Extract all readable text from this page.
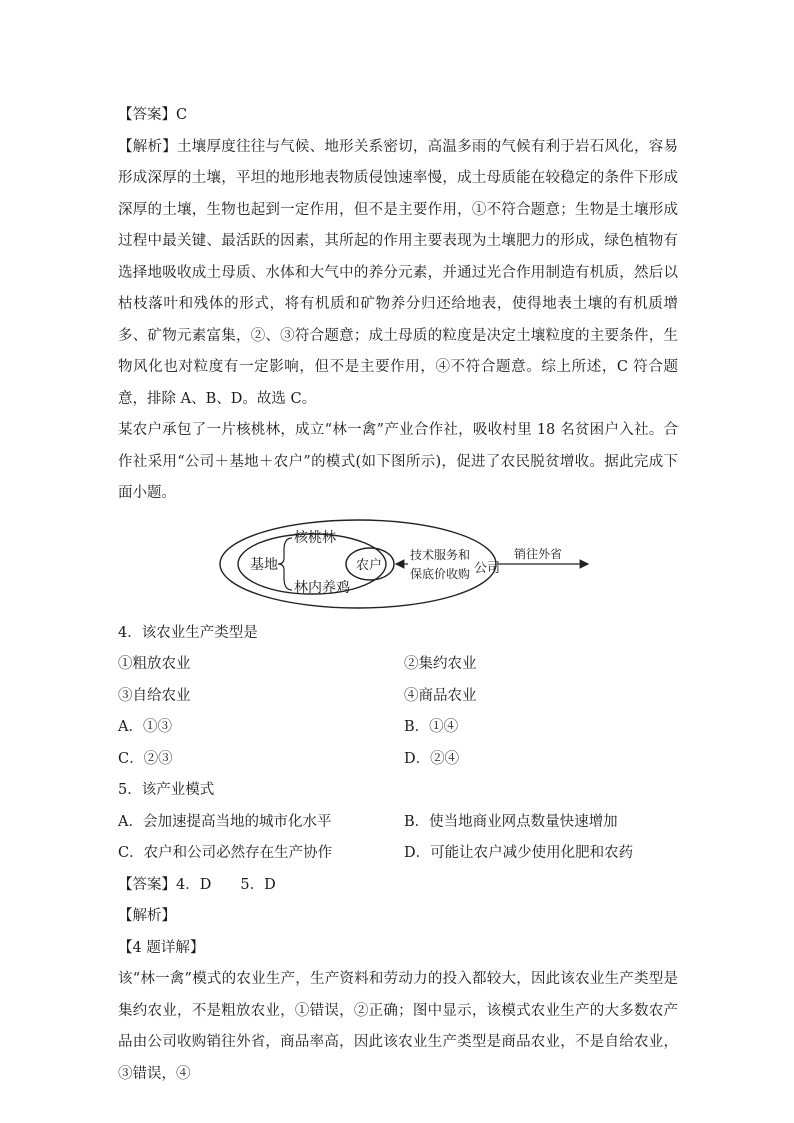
【答案】C

【解析】土壤厚度往往与气候、地形关系密切，高温多雨的气候有利于岩石风化，容易形成深厚的土壤，平坦的地形地表物质侵蚀速率慢，成土母质能在较稳定的条件下形成深厚的土壤，生物也起到一定作用，但不是主要作用，①不符合题意；生物是土壤形成过程中最关键、最活跃的因素，其所起的作用主要表现为土壤肥力的形成，绿色植物有选择地吸收成土母质、水体和大气中的养分元素，并通过光合作用制造有机质，然后以枯枝落叶和残体的形式，将有机质和矿物养分归还给地表，使得地表土壤的有机质增多、矿物元素富集，②、③符合题意；成土母质的粒度是决定土壤粒度的主要条件，生物风化也对粒度有一定影响，但不是主要作用，④不符合题意。综上所述，C 符合题意，排除 A、B、D。故选 C。

某农户承包了一片核桃林，成立“林一禽”产业合作社，吸收村里 18 名贫困户入社。合作社采用“公司＋基地＋农户”的模式(如下图所示)，促进了农民脱贫增收。据此完成下面小题。

基地
核桃林
林内养鸡
农户
技术服务和
保底价收购 公司
销往外省

4．该农业生产类型是

①粗放农业	②集约农业
③自给农业	④商品农业
A．①③	B．①④
C．②③	D．②④

5．该产业模式

A．会加速提高当地的城市化水平	B．使当地商业网点数量快速增加
C．农户和公司必然存在生产协作	D．可能让农户减少使用化肥和农药

【答案】4．D　　5．D

【解析】

【4 题详解】

该“林一禽”模式的农业生产，生产资料和劳动力的投入都较大，因此该农业生产类型是集约农业，不是粗放农业，①错误，②正确；图中显示，该模式农业生产的大多数农产品由公司收购销往外省，商品率高，因此该农业生产类型是商品农业，不是自给农业，③错误，④
